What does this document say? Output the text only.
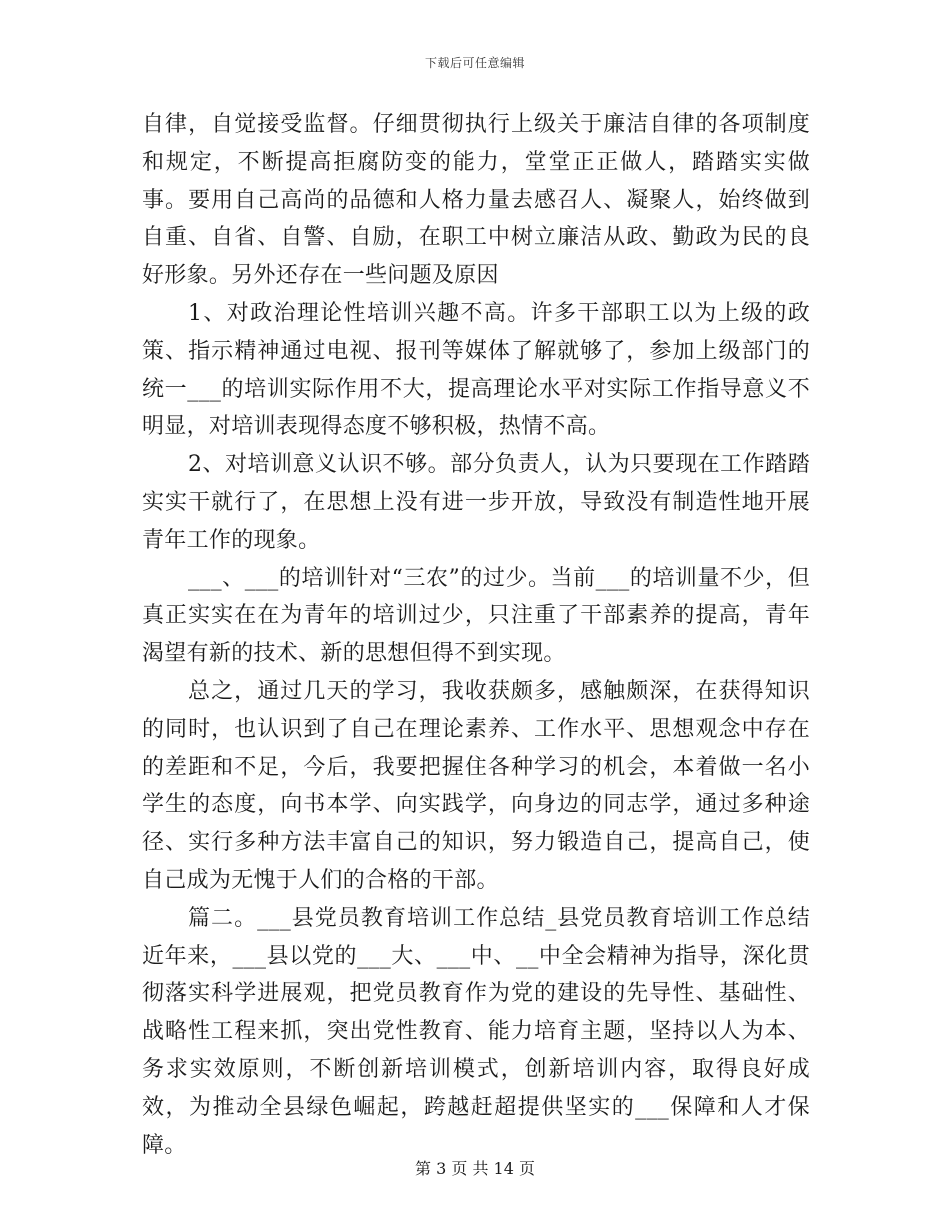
下载后可任意编辑

自律，自觉接受监督。仔细贯彻执行上级关于廉洁自律的各项制度和规定，不断提高拒腐防变的能力，堂堂正正做人，踏踏实实做事。要用自己高尚的品德和人格力量去感召人、凝聚人，始终做到自重、自省、自警、自励，在职工中树立廉洁从政、勤政为民的良好形象。另外还存在一些问题及原因

1、对政治理论性培训兴趣不高。许多干部职工以为上级的政策、指示精神通过电视、报刊等媒体了解就够了，参加上级部门的统一___的培训实际作用不大，提高理论水平对实际工作指导意义不明显，对培训表现得态度不够积极，热情不高。

2、对培训意义认识不够。部分负责人，认为只要现在工作踏踏实实干就行了，在思想上没有进一步开放，导致没有制造性地开展青年工作的现象。

___、___的培训针对“三农”的过少。当前___的培训量不少，但真正实实在在为青年的培训过少，只注重了干部素养的提高，青年渴望有新的技术、新的思想但得不到实现。

总之，通过几天的学习，我收获颇多，感触颇深，在获得知识的同时，也认识到了自己在理论素养、工作水平、思想观念中存在的差距和不足，今后，我要把握住各种学习的机会，本着做一名小学生的态度，向书本学、向实践学，向身边的同志学，通过多种途径、实行多种方法丰富自己的知识，努力锻造自己，提高自己，使自己成为无愧于人们的合格的干部。

篇二。___县党员教育培训工作总结_县党员教育培训工作总结近年来，___县以党的___大、___中、__中全会精神为指导，深化贯彻落实科学进展观，把党员教育作为党的建设的先导性、基础性、战略性工程来抓，突出党性教育、能力培育主题，坚持以人为本、务求实效原则，不断创新培训模式，创新培训内容，取得良好成效，为推动全县绿色崛起，跨越赶超提供坚实的___保障和人才保障。

第 3 页 共 14 页
